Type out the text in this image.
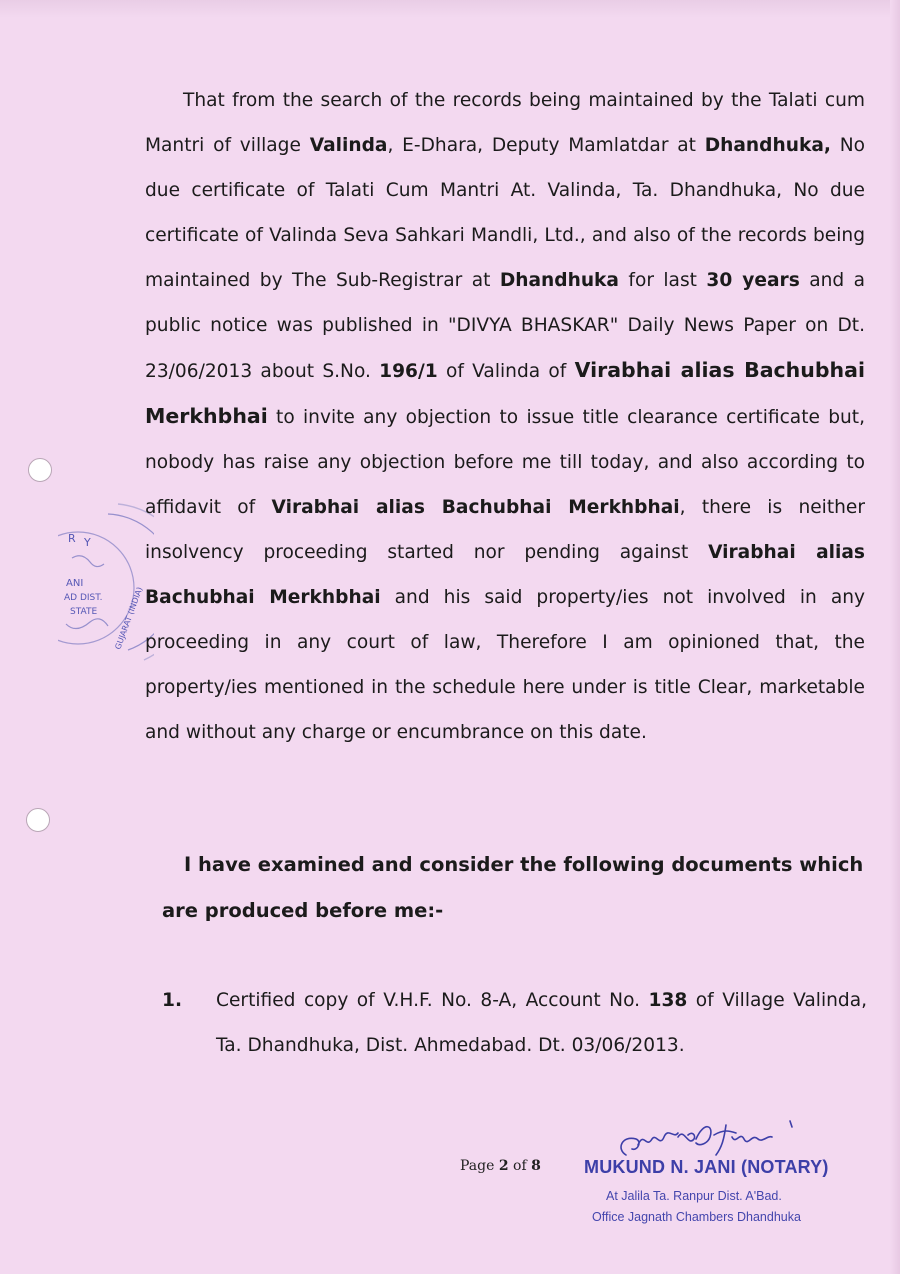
R Y
ANI
AD DIST.
STATE GUJARAT (INDIA)

That from the search of the records being maintained by the Talati cum Mantri of village Valinda, E-Dhara, Deputy Mamlatdar at Dhandhuka, No due certificate of Talati Cum Mantri At. Valinda, Ta. Dhandhuka, No due certificate of Valinda Seva Sahkari Mandli, Ltd., and also of the records being maintained by The Sub-Registrar at Dhandhuka for last 30 years and a public notice was published in "DIVYA BHASKAR" Daily News Paper on Dt. 23/06/2013 about S.No. 196/1 of Valinda of Virabhai alias Bachubhai Merkhbhai to invite any objection to issue title clearance certificate but, nobody has raise any objection before me till today, and also according to affidavit of Virabhai alias Bachubhai Merkhbhai, there is neither insolvency proceeding started nor pending against Virabhai alias Bachubhai Merkhbhai and his said property/ies not involved in any proceeding in any court of law, Therefore I am opinioned that, the property/ies mentioned in the schedule here under is title Clear, marketable and without any charge or encumbrance on this date.

I have examined and consider the following documents which are produced before me:-

1. Certified copy of V.H.F. No. 8-A, Account No. 138 of Village Valinda, Ta. Dhandhuka, Dist. Ahmedabad. Dt. 03/06/2013.

Page 2 of 8 MUKUND N. JANI (NOTARY)
At Jalila Ta. Ranpur Dist. A'Bad.
Office Jagnath Chambers Dhandhuka
